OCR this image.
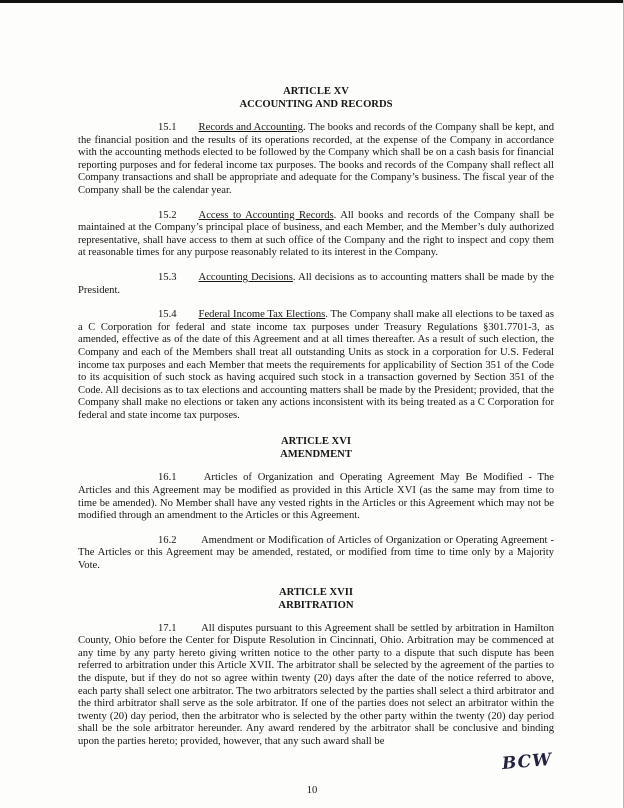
ARTICLE XV
ACCOUNTING AND RECORDS

15.1 Records and Accounting. The books and records of the Company shall be kept, and the financial position and the results of its operations recorded, at the expense of the Company in accordance with the accounting methods elected to be followed by the Company which shall be on a cash basis for financial reporting purposes and for federal income tax purposes. The books and records of the Company shall reflect all Company transactions and shall be appropriate and adequate for the Company’s business. The fiscal year of the Company shall be the calendar year.

15.2 Access to Accounting Records. All books and records of the Company shall be maintained at the Company’s principal place of business, and each Member, and the Member’s duly authorized representative, shall have access to them at such office of the Company and the right to inspect and copy them at reasonable times for any purpose reasonably related to its interest in the Company.

15.3 Accounting Decisions. All decisions as to accounting matters shall be made by the President.

15.4 Federal Income Tax Elections. The Company shall make all elections to be taxed as a C Corporation for federal and state income tax purposes under Treasury Regulations §301.7701-3, as amended, effective as of the date of this Agreement and at all times thereafter. As a result of such election, the Company and each of the Members shall treat all outstanding Units as stock in a corporation for U.S. Federal income tax purposes and each Member that meets the requirements for applicability of Section 351 of the Code to its acquisition of such stock as having acquired such stock in a transaction governed by Section 351 of the Code. All decisions as to tax elections and accounting matters shall be made by the President; provided, that the Company shall make no elections or taken any actions inconsistent with its being treated as a C Corporation for federal and state income tax purposes.

ARTICLE XVI
AMENDMENT

16.1	Articles of Organization and Operating Agreement May Be Modified - The Articles and this Agreement may be modified as provided in this Article XVI (as the same may from time to time be amended). No Member shall have any vested rights in the Articles or this Agreement which may not be modified through an amendment to the Articles or this Agreement.

16.2 Amendment or Modification of Articles of Organization or Operating Agreement - The Articles or this Agreement may be amended, restated, or modified from time to time only by a Majority Vote.

ARTICLE XVII
ARBITRATION

17.1 All disputes pursuant to this Agreement shall be settled by arbitration in Hamilton County, Ohio before the Center for Dispute Resolution in Cincinnati, Ohio. Arbitration may be commenced at any time by any party hereto giving written notice to the other party to a dispute that such dispute has been referred to arbitration under this Article XVII. The arbitrator shall be selected by the agreement of the parties to the dispute, but if they do not so agree within twenty (20) days after the date of the notice referred to above, each party shall select one arbitrator. The two arbitrators selected by the parties shall select a third arbitrator and the third arbitrator shall serve as the sole arbitrator. If one of the parties does not select an arbitrator within the twenty (20) day period, then the arbitrator who is selected by the other party within the twenty (20) day period shall be the sole arbitrator hereunder. Any award rendered by the arbitrator shall be conclusive and binding upon the parties hereto; provided, however, that any such award shall be

BCW
10
